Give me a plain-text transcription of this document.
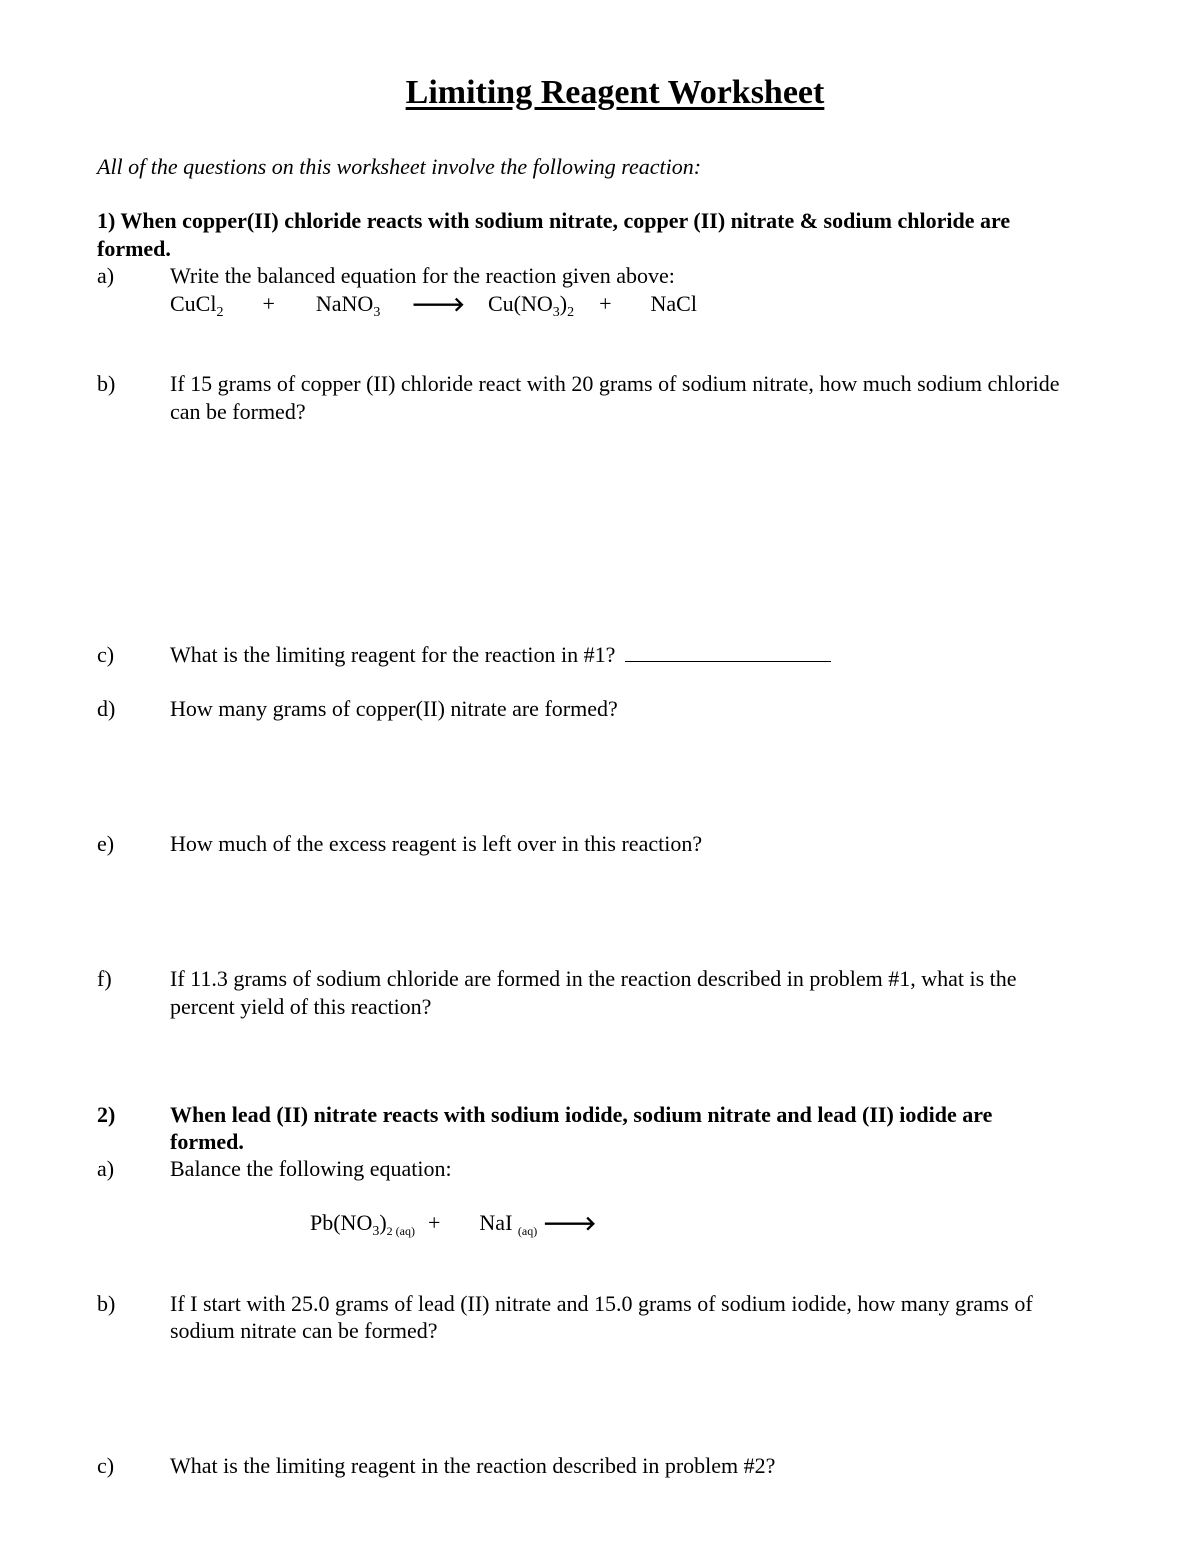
Limiting Reagent Worksheet
All of the questions on this worksheet involve the following reaction:
1) When copper(II) chloride reacts with sodium nitrate, copper (II) nitrate & sodium chloride are
formed.
a)	Write the balanced equation for the reaction given above:
CuCl$_2$ + NaNO$_3$ 🡒 $Cu(NO_3)_2$ + NaCl
b) If 15 grams of copper (II) chloride react with 20 grams of sodium nitrate, how much sodium chloride
can be formed?
c)	What is the limiting reagent for the reaction in #1?
d) How many grams of copper(II) nitrate are formed?
e)	How much of the excess reagent is left over in this reaction?
f)	If 11.3 grams of sodium chloride are formed in the reaction described in problem #1, what is the
percent yield of this reaction?
2) When lead (II) nitrate reacts with sodium iodide, sodium nitrate and lead (II) iodide are
formed.
a)	Balance the following equation:
$Pb(NO_3)_{2 (aq)}$ + NaI $_{(aq)}$ 🡒
b) If I start with 25.0 grams of lead (II) nitrate and 15.0 grams of sodium iodide, how many grams of
sodium nitrate can be formed?
c)	What is the limiting reagent in the reaction described in problem #2?
